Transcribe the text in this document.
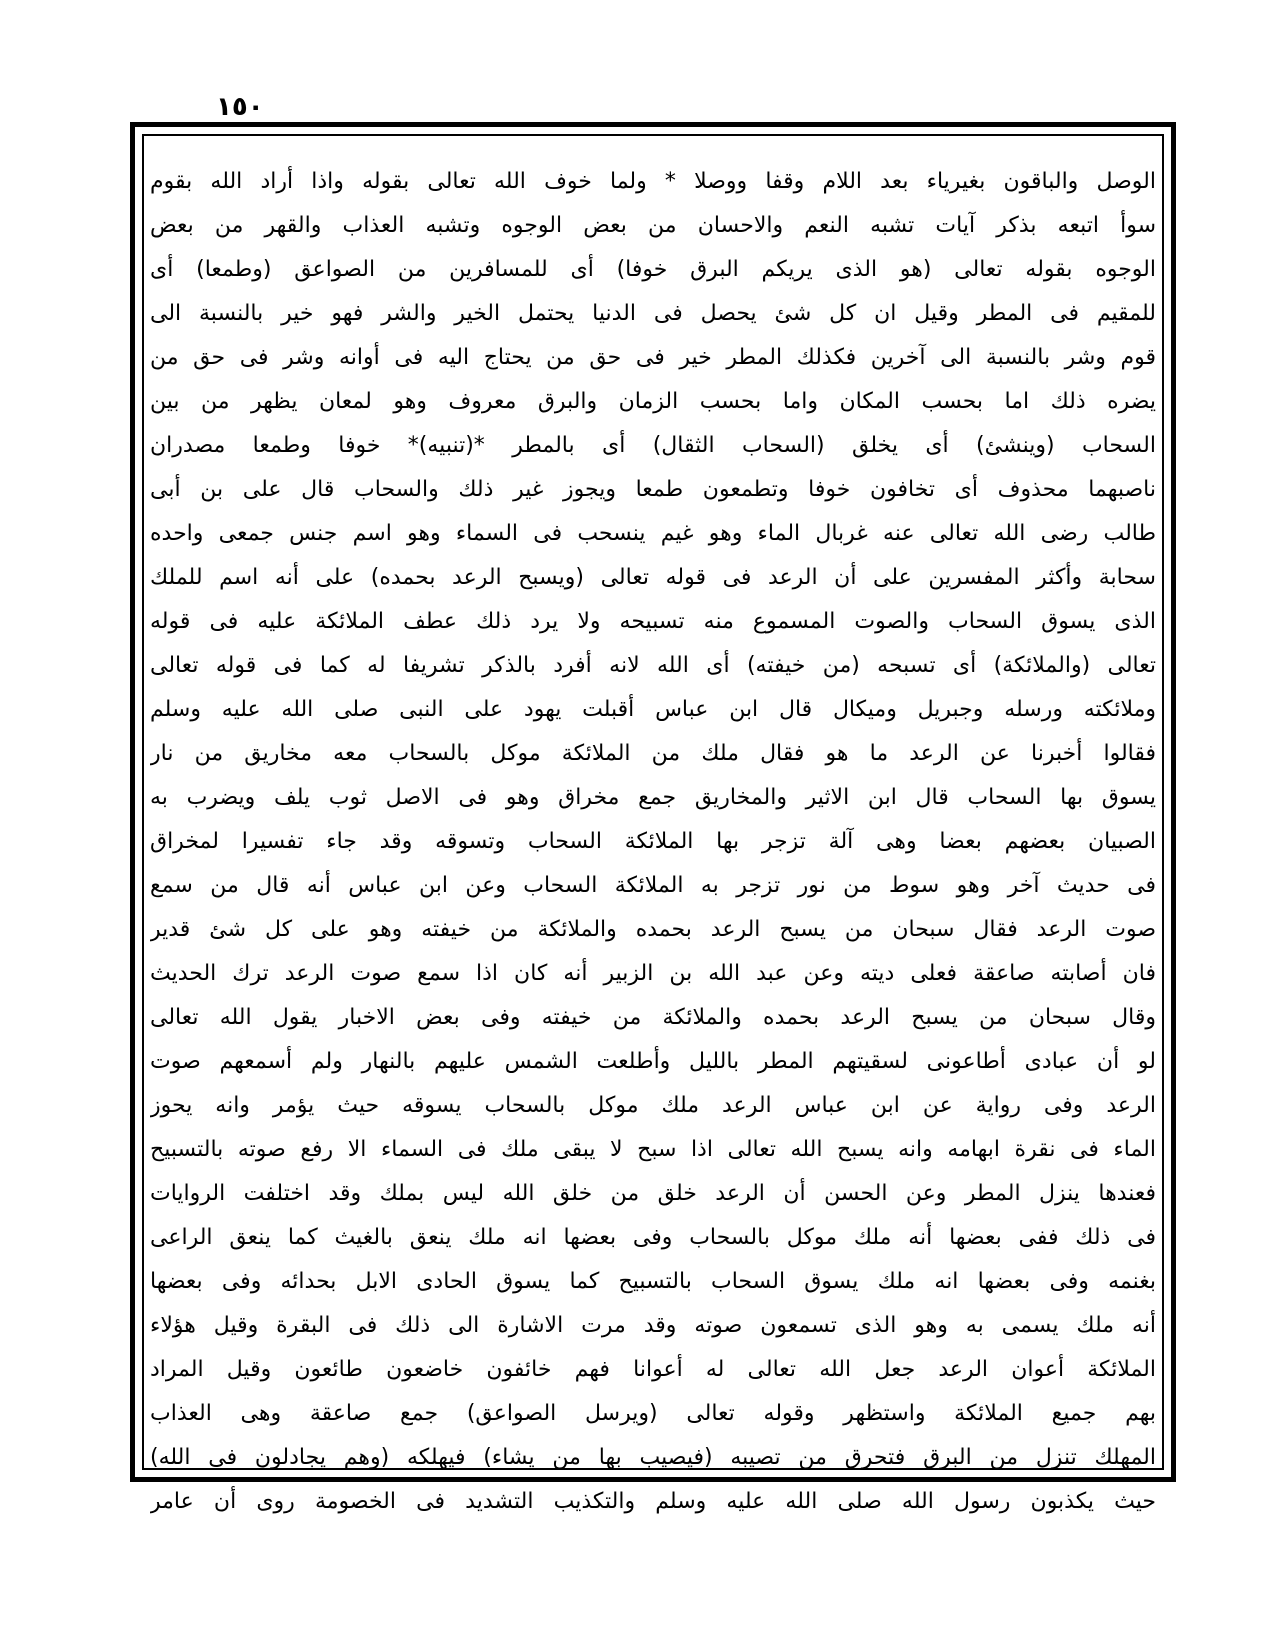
١٥٠
الوصل والباقون بغيرياء بعد اللام وقفا ووصلا * ولما خوف الله تعالى بقوله واذا أراد الله بقوم
سوأ اتبعه بذكر آيات تشبه النعم والاحسان من بعض الوجوه وتشبه العذاب والقهر من بعض
الوجوه بقوله تعالى (هو الذى يريكم البرق خوفا) أى للمسافرين من الصواعق (وطمعا) أى
للمقيم فى المطر وقيل ان كل شئ يحصل فى الدنيا يحتمل الخير والشر فهو خير بالنسبة الى
قوم وشر بالنسبة الى آخرين فكذلك المطر خير فى حق من يحتاج اليه فى أوانه وشر فى حق من
يضره ذلك اما بحسب المكان واما بحسب الزمان والبرق معروف وهو لمعان يظهر من بين
السحاب (وينشئ) أى يخلق (السحاب الثقال) أى بالمطر *(تنبيه)* خوفا وطمعا مصدران
ناصبهما محذوف أى تخافون خوفا وتطمعون طمعا ويجوز غير ذلك والسحاب قال على بن أبى
طالب رضى الله تعالى عنه غربال الماء وهو غيم ينسحب فى السماء وهو اسم جنس جمعى واحده
سحابة وأكثر المفسرين على أن الرعد فى قوله تعالى (ويسبح الرعد بحمده) على أنه اسم للملك
الذى يسوق السحاب والصوت المسموع منه تسبيحه ولا يرد ذلك عطف الملائكة عليه فى قوله
تعالى (والملائكة) أى تسبحه (من خيفته) أى الله لانه أفرد بالذكر تشريفا له كما فى قوله تعالى
وملائكته ورسله وجبريل وميكال قال ابن عباس أقبلت يهود على النبى صلى الله عليه وسلم
فقالوا أخبرنا عن الرعد ما هو فقال ملك من الملائكة موكل بالسحاب معه مخاريق من نار
يسوق بها السحاب قال ابن الاثير والمخاريق جمع مخراق وهو فى الاصل ثوب يلف ويضرب به
الصبيان بعضهم بعضا وهى آلة تزجر بها الملائكة السحاب وتسوقه وقد جاء تفسيرا لمخراق
فى حديث آخر وهو سوط من نور تزجر به الملائكة السحاب وعن ابن عباس أنه قال من سمع
صوت الرعد فقال سبحان من يسبح الرعد بحمده والملائكة من خيفته وهو على كل شئ قدير
فان أصابته صاعقة فعلى ديته وعن عبد الله بن الزبير أنه كان اذا سمع صوت الرعد ترك الحديث
وقال سبحان من يسبح الرعد بحمده والملائكة من خيفته وفى بعض الاخبار يقول الله تعالى
لو أن عبادى أطاعونى لسقيتهم المطر بالليل وأطلعت الشمس عليهم بالنهار ولم أسمعهم صوت
الرعد وفى رواية عن ابن عباس الرعد ملك موكل بالسحاب يسوقه حيث يؤمر وانه يحوز
الماء فى نقرة ابهامه وانه يسبح الله تعالى اذا سبح لا يبقى ملك فى السماء الا رفع صوته بالتسبيح
فعندها ينزل المطر وعن الحسن أن الرعد خلق من خلق الله ليس بملك وقد اختلفت الروايات
فى ذلك ففى بعضها أنه ملك موكل بالسحاب وفى بعضها انه ملك ينعق بالغيث كما ينعق الراعى
بغنمه وفى بعضها انه ملك يسوق السحاب بالتسبيح كما يسوق الحادى الابل بحدائه وفى بعضها
أنه ملك يسمى به وهو الذى تسمعون صوته وقد مرت الاشارة الى ذلك فى البقرة وقيل هؤلاء
الملائكة أعوان الرعد جعل الله تعالى له أعوانا فهم خائفون خاضعون طائعون وقيل المراد
بهم جميع الملائكة واستظهر وقوله تعالى (ويرسل الصواعق) جمع صاعقة وهى العذاب
المهلك تنزل من البرق فتحرق من تصيبه (فيصيب بها من يشاء) فيهلكه (وهم يجادلون فى الله)
حيث يكذبون رسول الله صلى الله عليه وسلم والتكذيب التشديد فى الخصومة روى أن عامر
